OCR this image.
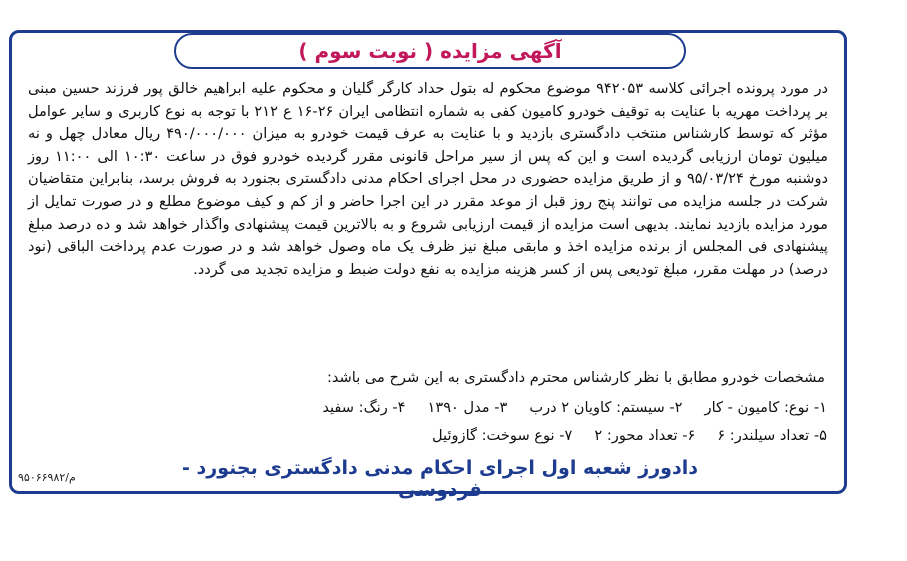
آگهی مزایده ( نوبت سوم )

در مورد پرونده اجرائی کلاسه ۹۴۲۰۵۳ موضوع محکوم له بتول حداد کارگر گلیان و محکوم علیه ابراهیم خالق پور فرزند حسین مبنی بر پرداخت مهریه با عنایت به توقیف خودرو کامیون کفی به شماره انتظامی ایران ۲۶-۱۶ ع ۲۱۲ با توجه به نوع کاربری و سایر عوامل مؤثر که توسط کارشناس منتخب دادگستری بازدید و با عنایت به عرف قیمت خودرو به میزان ۴۹۰/۰۰۰/۰۰۰ ریال معادل چهل و نه میلیون تومان ارزیابی گردیده است و این که پس از سیر مراحل قانونی مقرر گردیده خودرو فوق در ساعت ۱۰:۳۰ الی ۱۱:۰۰ روز دوشنبه مورخ ۹۵/۰۳/۲۴ و از طریق مزایده حضوری در محل اجرای احکام مدنی دادگستری بجنورد به فروش برسد، بنابراین متقاضیان شرکت در جلسه مزایده می توانند پنج روز قبل از موعد مقرر در این اجرا حاضر و از کم و کیف موضوع مطلع و در صورت تمایل از مورد مزایده بازدید نمایند. بدیهی است مزایده از قیمت ارزیابی شروع و به بالاترین قیمت پیشنهادی واگذار خواهد شد و ده درصد مبلغ پیشنهادی فی المجلس از برنده مزایده اخذ و مابقی مبلغ نیز ظرف یک ماه وصول خواهد شد و در صورت عدم پرداخت الباقی (نود درصد) در مهلت مقرر، مبلغ تودیعی پس از کسر هزینه مزایده به نفع دولت ضبط و مزایده تجدید می گردد.

مشخصات خودرو مطابق با نظر کارشناس محترم دادگستری به این شرح می باشد:
۱- نوع: کامیون - کار
۲- سیستم: کاویان ۲ درب
۳- مدل ۱۳۹۰
۴- رنگ: سفید
۵- تعداد سیلندر: ۶
۶- تعداد محور: ۲
۷- نوع سوخت: گازوئیل
دادورز شعبه اول اجرای احکام مدنی دادگستری بجنورد - فردوسی
م/۹۵۰۶۶۹۸۲
